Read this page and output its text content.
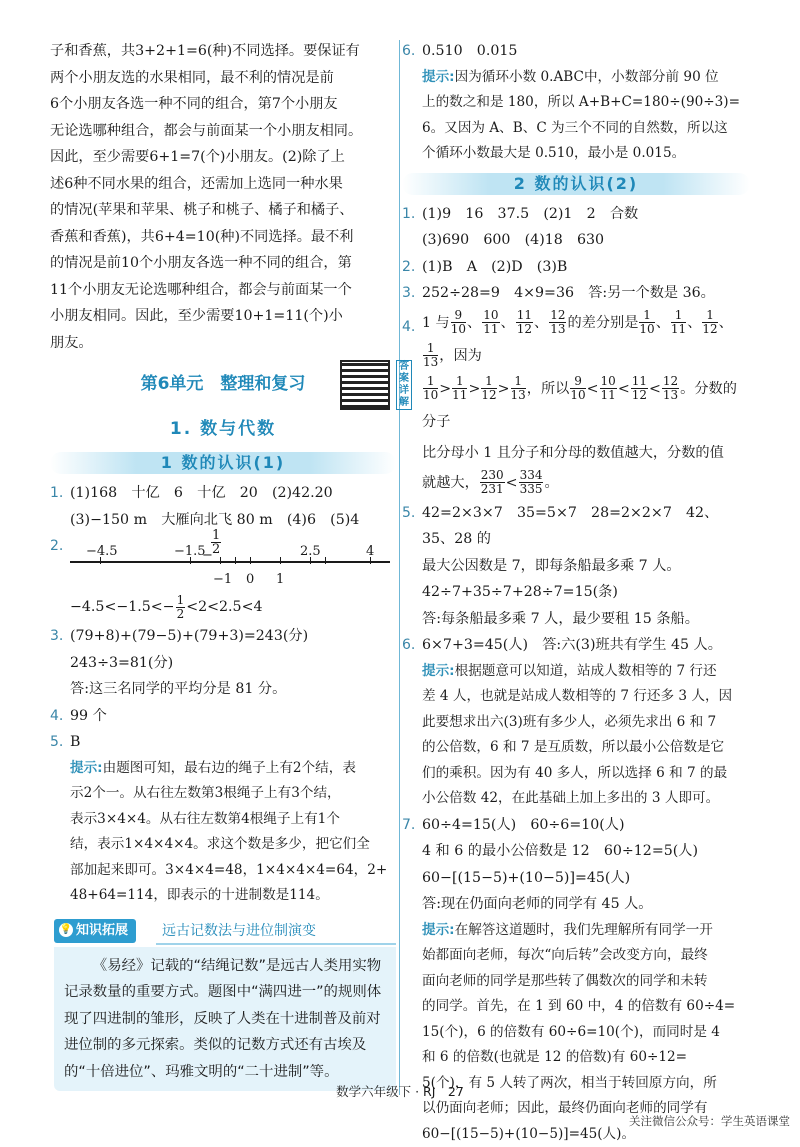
子和香蕉，共3+2+1=6(种)不同选择。要保证有
两个小朋友选的水果相同，最不利的情况是前
6个小朋友各选一种不同的组合，第7个小朋友
无论选哪种组合，都会与前面某一个小朋友相同。
因此，至少需要6+1=7(个)小朋友。(2)除了上
述6种不同水果的组合，还需加上选同一种水果
的情况(苹果和苹果、桃子和桃子、橘子和橘子、
香蕉和香蕉)，共6+4=10(种)不同选择。最不利
的情况是前10个小朋友各选一种不同的组合，第
11个小朋友无论选哪种组合，都会与前面某一个
小朋友相同。因此，至少需要10+1=11(个)小
朋友。
第6单元　整理和复习
答案详解
1. 数与代数
1 数的认识(1)
1. (1)168　十亿　6　十亿　20　(2)42.20
(3)−150 m　大雁向北飞 80 m　(4)6　(5)4
2. −4.5	−1.5
−
$\frac{1}{2}$	2.5	4
−1 0 1
$-4.5<-1.5<- \frac{1}{2} <2<2.5<4$
3. (79+8)+(79−5)+(79+3)=243(分)
243÷3=81(分)
答:这三名同学的平均分是 81 分。
4. 99 个
5. B
提示:由题图可知，最右边的绳子上有2个结，表
示2个一。从右往左数第3根绳子上有3个结，
表示3×4×4。从右往左数第4根绳子上有1个
结，表示1×4×4×4。求这个数是多少，把它们全
部加起来即可。3×4×4=48，1×4×4×4=64，2+
48+64=114，即表示的十进制数是114。
💡 知识拓展	远古记数法与进位制演变
《易经》记载的“结绳记数”是远古人类用实物记录数量的重要方式。题图中“满四进一”的规则体现了四进制的雏形，反映了人类在十进制普及前对进位制的多元探索。类似的记数方式还有古埃及的“十倍进位”、玛雅文明的“二十进制”等。
6. 0.510　0.015
提示:因为循环小数 0.ABC中，小数部分前 90 位
上的数之和是 180，所以 A+B+C=180÷(90÷3)=
6。又因为 A、B、C 为三个不同的自然数，所以这
个循环小数最大是 0.510，最小是 0.015。
2 数的认识(2)
1. (1)9　16　37.5　(2)1　2　合数
(3)690　600　(4)18　630
2. (1)B　A　(2)D　(3)B
3. 252÷28=9　4×9=36　答:另一个数是 36。
4. 1 与 $\frac{9}{10}$ 、 $\frac{10}{11}$ 、 $\frac{11}{12}$ 、 $\frac{12}{13}$ 的差分别是 $\frac{1}{10}$ 、 $\frac{1}{11}$ 、 $\frac{1}{12}$ 、
$\frac{1}{13}$ ，因为
$\frac{1}{10} > \frac{1}{11} > \frac{1}{12} > \frac{1}{13}$ ，所以 $\frac{9}{10} < \frac{10}{11} < \frac{11}{12} < \frac{12}{13}$ 。分数的分子
比分母小 1 且分子和分母的数值越大，分数的值
就越大， $\frac{230}{231} < \frac{334}{335}$ 。
5. 42=2×3×7　35=5×7　28=2×2×7　42、35、28 的
最大公因数是 7，即每条船最多乘 7 人。
42÷7+35÷7+28÷7=15(条)
答:每条船最多乘 7 人，最少要租 15 条船。
6. 6×7+3=45(人)　答:六(3)班共有学生 45 人。
提示:根据题意可以知道，站成人数相等的 7 行还
差 4 人，也就是站成人数相等的 7 行还多 3 人，因
此要想求出六(3)班有多少人，必须先求出 6 和 7
的公倍数，6 和 7 是互质数，所以最小公倍数是它
们的乘积。因为有 40 多人，所以选择 6 和 7 的最
小公倍数 42，在此基础上加上多出的 3 人即可。
7. 60÷4=15(人)　60÷6=10(人)
4 和 6 的最小公倍数是 12　60÷12=5(人)
60−[(15−5)+(10−5)]=45(人)
答:现在仍面向老师的同学有 45 人。
提示:在解答这道题时，我们先理解所有同学一开
始都面向老师，每次“向后转”会改变方向，最终
面向老师的同学是那些转了偶数次的同学和未转
的同学。首先，在 1 到 60 中，4 的倍数有 60÷4=
15(个)，6 的倍数有 60÷6=10(个)，而同时是 4
和 6 的倍数(也就是 12 的倍数)有 60÷12=
5(个)，有 5 人转了两次，相当于转回原方向，所
以仍面向老师；因此，最终仍面向老师的同学有
60−[(15−5)+(10−5)]=45(人)。
数学六年级下 · RJ　27
关注微信公众号：学生英语课堂
